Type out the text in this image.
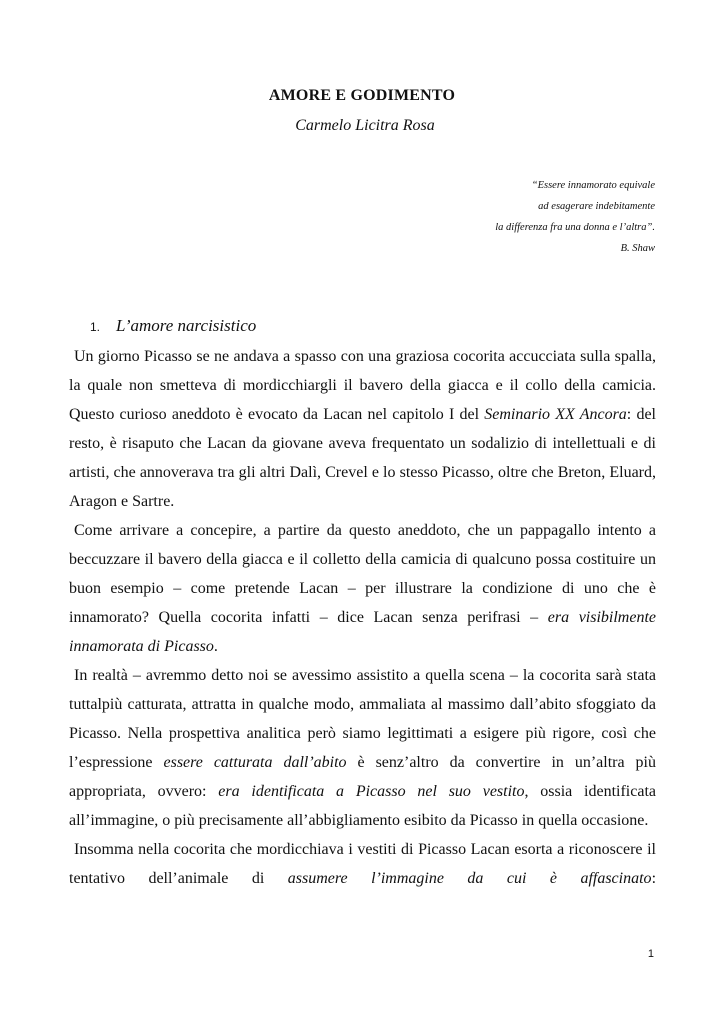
AMORE E GODIMENTO
Carmelo Licitra Rosa
“Essere innamorato equivale
ad esagerare indebitamente
la differenza fra una donna e l’altra”.
B. Shaw
1. L’amore narcisistico

Un giorno Picasso se ne andava a spasso con una graziosa cocorita accucciata sulla spalla, la quale non smetteva di mordicchiargli il bavero della giacca e il collo della camicia. Questo curioso aneddoto è evocato da Lacan nel capitolo I del Seminario XX Ancora: del resto, è risaputo che Lacan da giovane aveva frequentato un sodalizio di intellettuali e di artisti, che annoverava tra gli altri Dalì, Crevel e lo stesso Picasso, oltre che Breton, Eluard, Aragon e Sartre.

Come arrivare a concepire, a partire da questo aneddoto, che un pappagallo intento a beccuzzare il bavero della giacca e il colletto della camicia di qualcuno possa costituire un buon esempio – come pretende Lacan – per illustrare la condizione di uno che è innamorato? Quella cocorita infatti – dice Lacan senza perifrasi – era visibilmente innamorata di Picasso.

In realtà – avremmo detto noi se avessimo assistito a quella scena – la cocorita sarà stata tuttalpiù catturata, attratta in qualche modo, ammaliata al massimo dall’abito sfoggiato da Picasso. Nella prospettiva analitica però siamo legittimati a esigere più rigore, così che l’espressione essere catturata dall’abito è senz’altro da convertire in un’altra più appropriata, ovvero: era identificata a Picasso nel suo vestito, ossia identificata all’immagine, o più precisamente all’abbigliamento esibito da Picasso in quella occasione.

Insomma nella cocorita che mordicchiava i vestiti di Picasso Lacan esorta a riconoscere il tentativo dell’animale di assumere l’immagine da cui è affascinato:

1
